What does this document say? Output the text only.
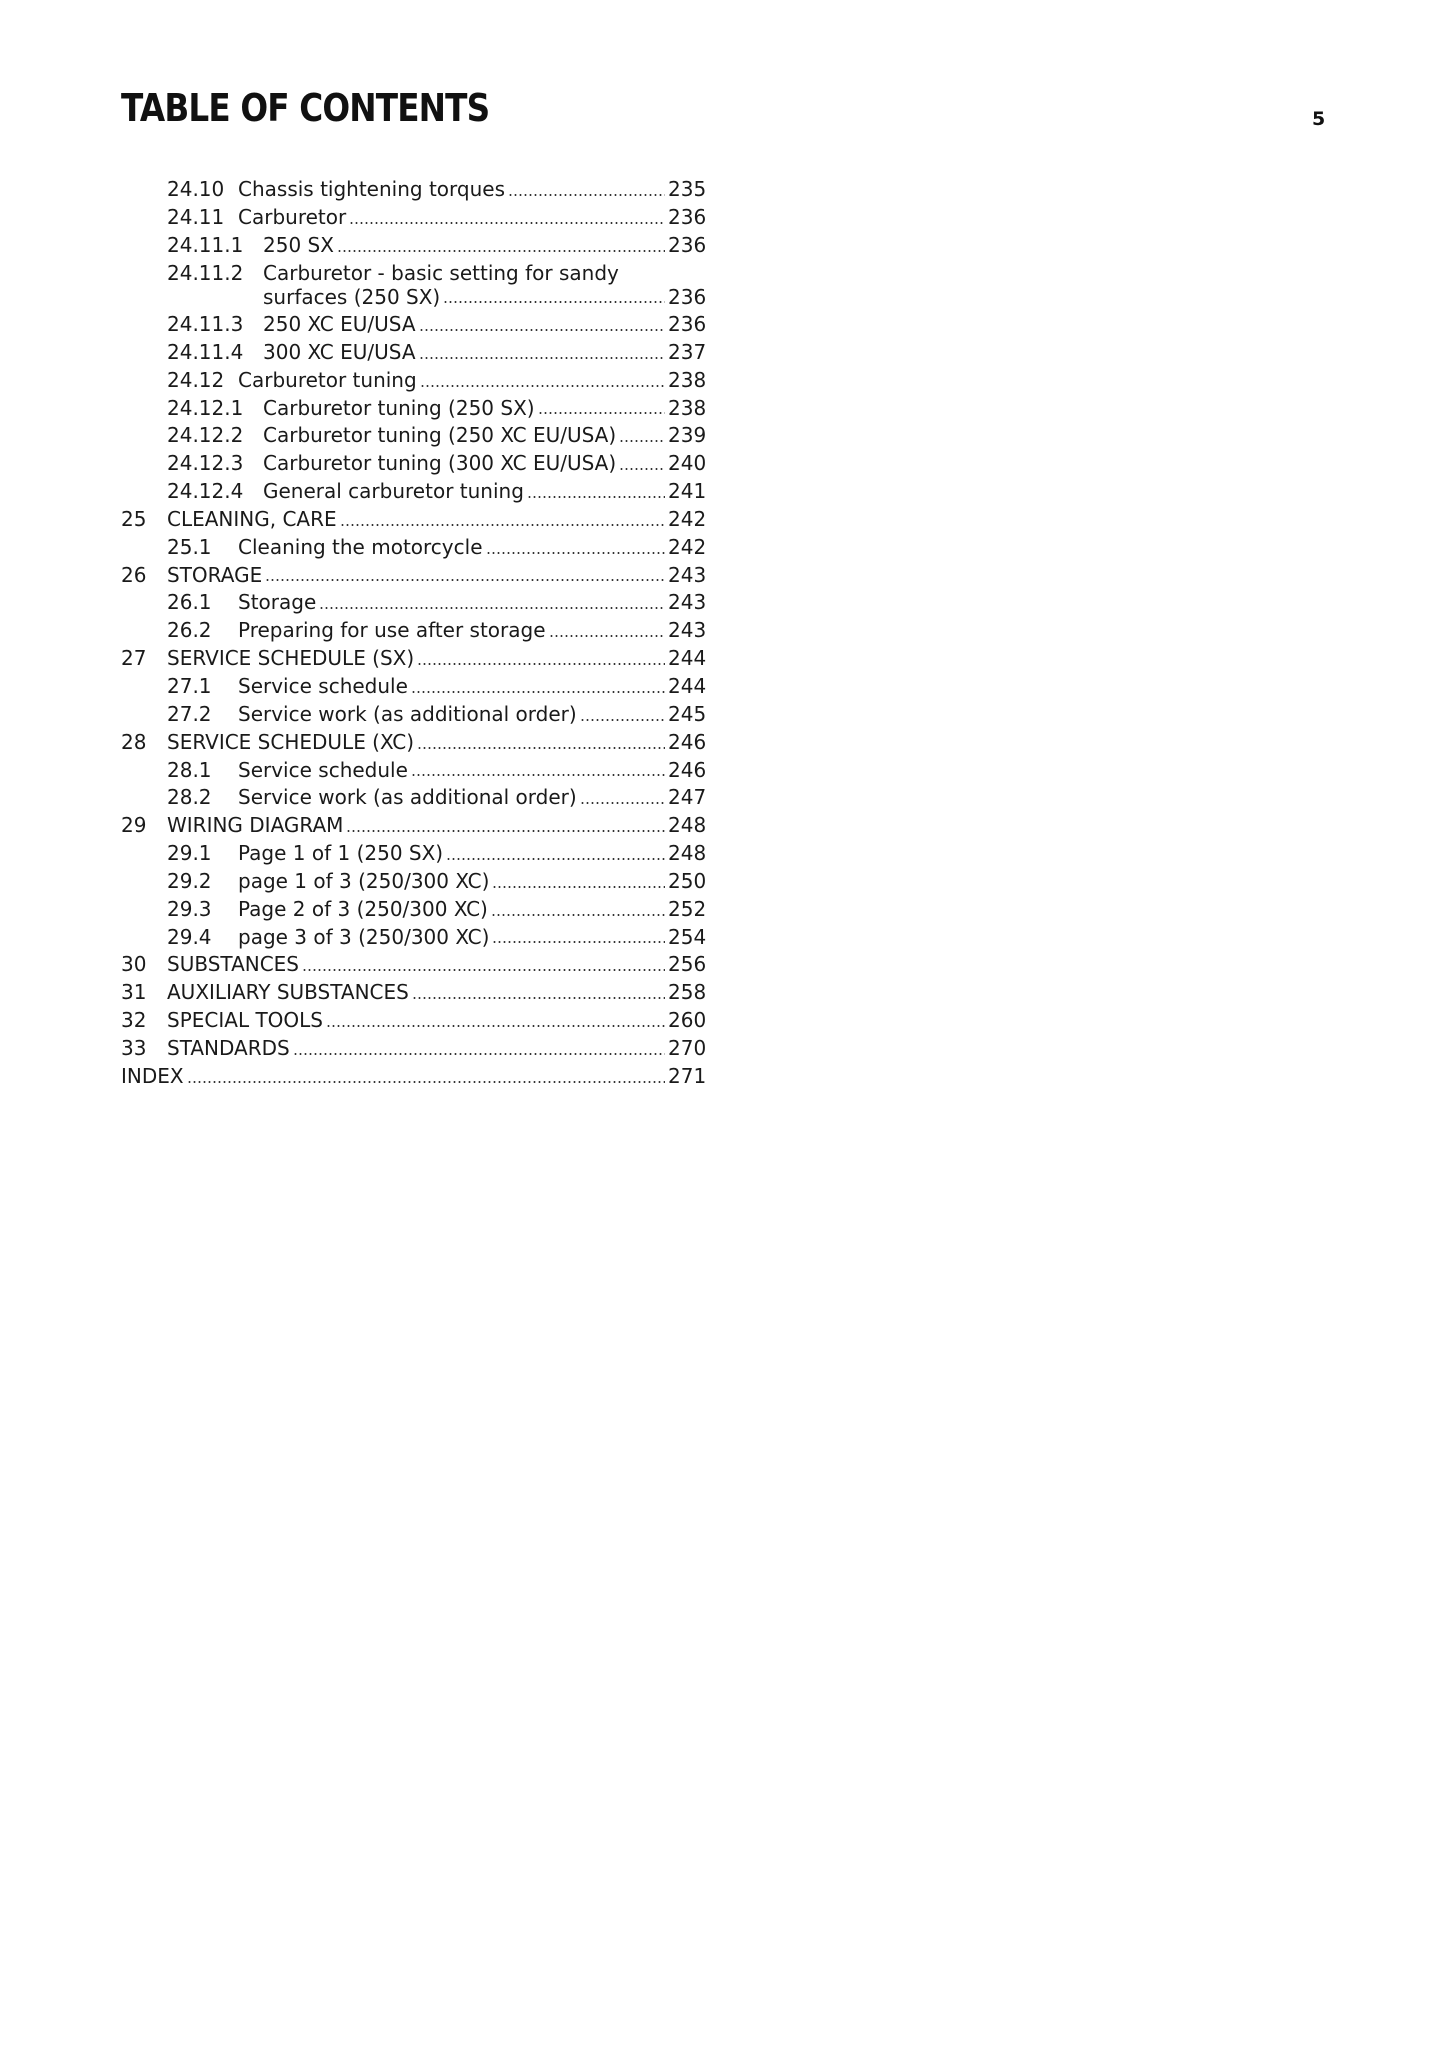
TABLE OF CONTENTS	5
24.10 Chassis tightening torques	235
24.11 Carburetor	236
24.11.1 250 SX	236
24.11.2 Carburetor - basic setting for sandy
surfaces (250 SX)	236
24.11.3 250 XC EU/USA	236
24.11.4 300 XC EU/USA	237
24.12 Carburetor tuning	238
24.12.1 Carburetor tuning (250 SX)	238
24.12.2 Carburetor tuning (250 XC EU/USA)	239
24.12.3 Carburetor tuning (300 XC EU/USA)	240
24.12.4 General carburetor tuning	241
25 CLEANING, CARE	242
25.1 Cleaning the motorcycle	242
26 STORAGE	243
26.1 Storage	243
26.2 Preparing for use after storage	243
27 SERVICE SCHEDULE (SX)	244
27.1 Service schedule	244
27.2 Service work (as additional order)	245
28 SERVICE SCHEDULE (XC)	246
28.1 Service schedule	246
28.2 Service work (as additional order)	247
29 WIRING DIAGRAM	248
29.1 Page 1 of 1 (250 SX)	248
29.2 page 1 of 3 (250/300 XC)	250
29.3 Page 2 of 3 (250/300 XC)	252
29.4 page 3 of 3 (250/300 XC)	254
30 SUBSTANCES	256
31 AUXILIARY SUBSTANCES	258
32 SPECIAL TOOLS	260
33 STANDARDS	270
INDEX	271
